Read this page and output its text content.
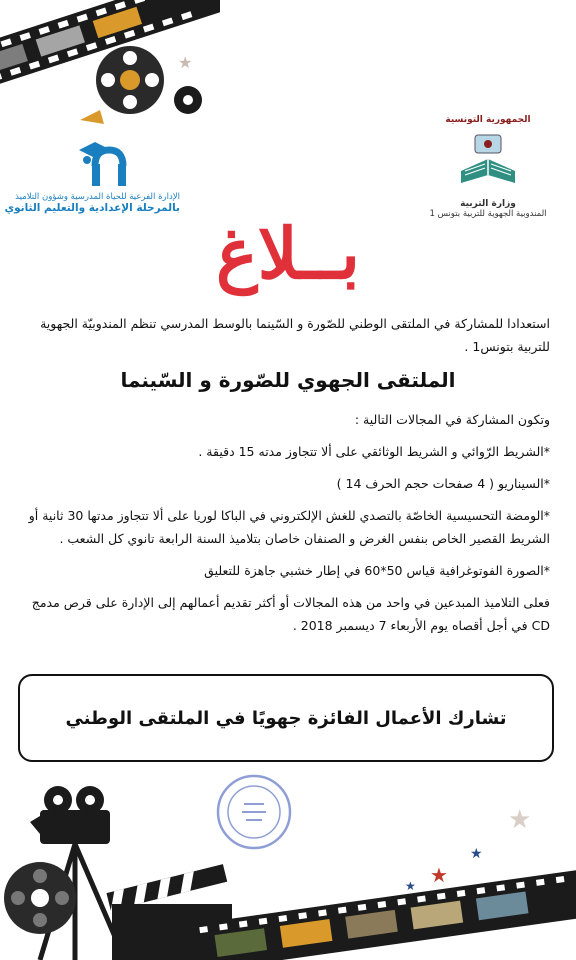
★
الإدارة الفرعية للحياة المدرسية وشؤون التلاميذ
بالمرحلة الإعدادية والتعليم الثانوي
الجمهورية التونسية
وزارة التربية
المندوبية الجهوية للتربية بتونس 1
بــلاغ
استعدادا للمشاركة في الملتقى الوطني للصّورة و السّينما بالوسط المدرسي تنظم المندوبيّة الجهوية للتربية بتونس1 .
الملتقى الجهوي للصّورة و السّينما

وتكون المشاركة في المجالات التالية :

*الشريط الرّوائي و الشريط الوثائقي على ألا تتجاوز مدته 15 دقيقة .

*السيناريو ( 4 صفحات حجم الحرف 14 )

*الومضة التحسيسية الخاصّة بالتصدي للغش الإلكتروني في الباكا لوريا على ألا تتجاوز مدتها 30 ثانية أو الشريط القصير الخاص بنفس الغرض و الصنفان خاصان بتلاميذ السنة الرابعة تانوي كل الشعب .

*الصورة الفوتوغرافية قياس 50*60 في إطار خشبي جاهزة للتعليق

فعلى التلاميذ المبدعين في واحد من هذه المجالات أو أكثر تقديم أعمالهم إلى الإدارة على قرص مدمج CD في أجل أقصاه يوم الأربعاء 7 ديسمبر 2018 .

تشارك الأعمال الفائزة جهويًا في الملتقى الوطني
★
★
★
★
